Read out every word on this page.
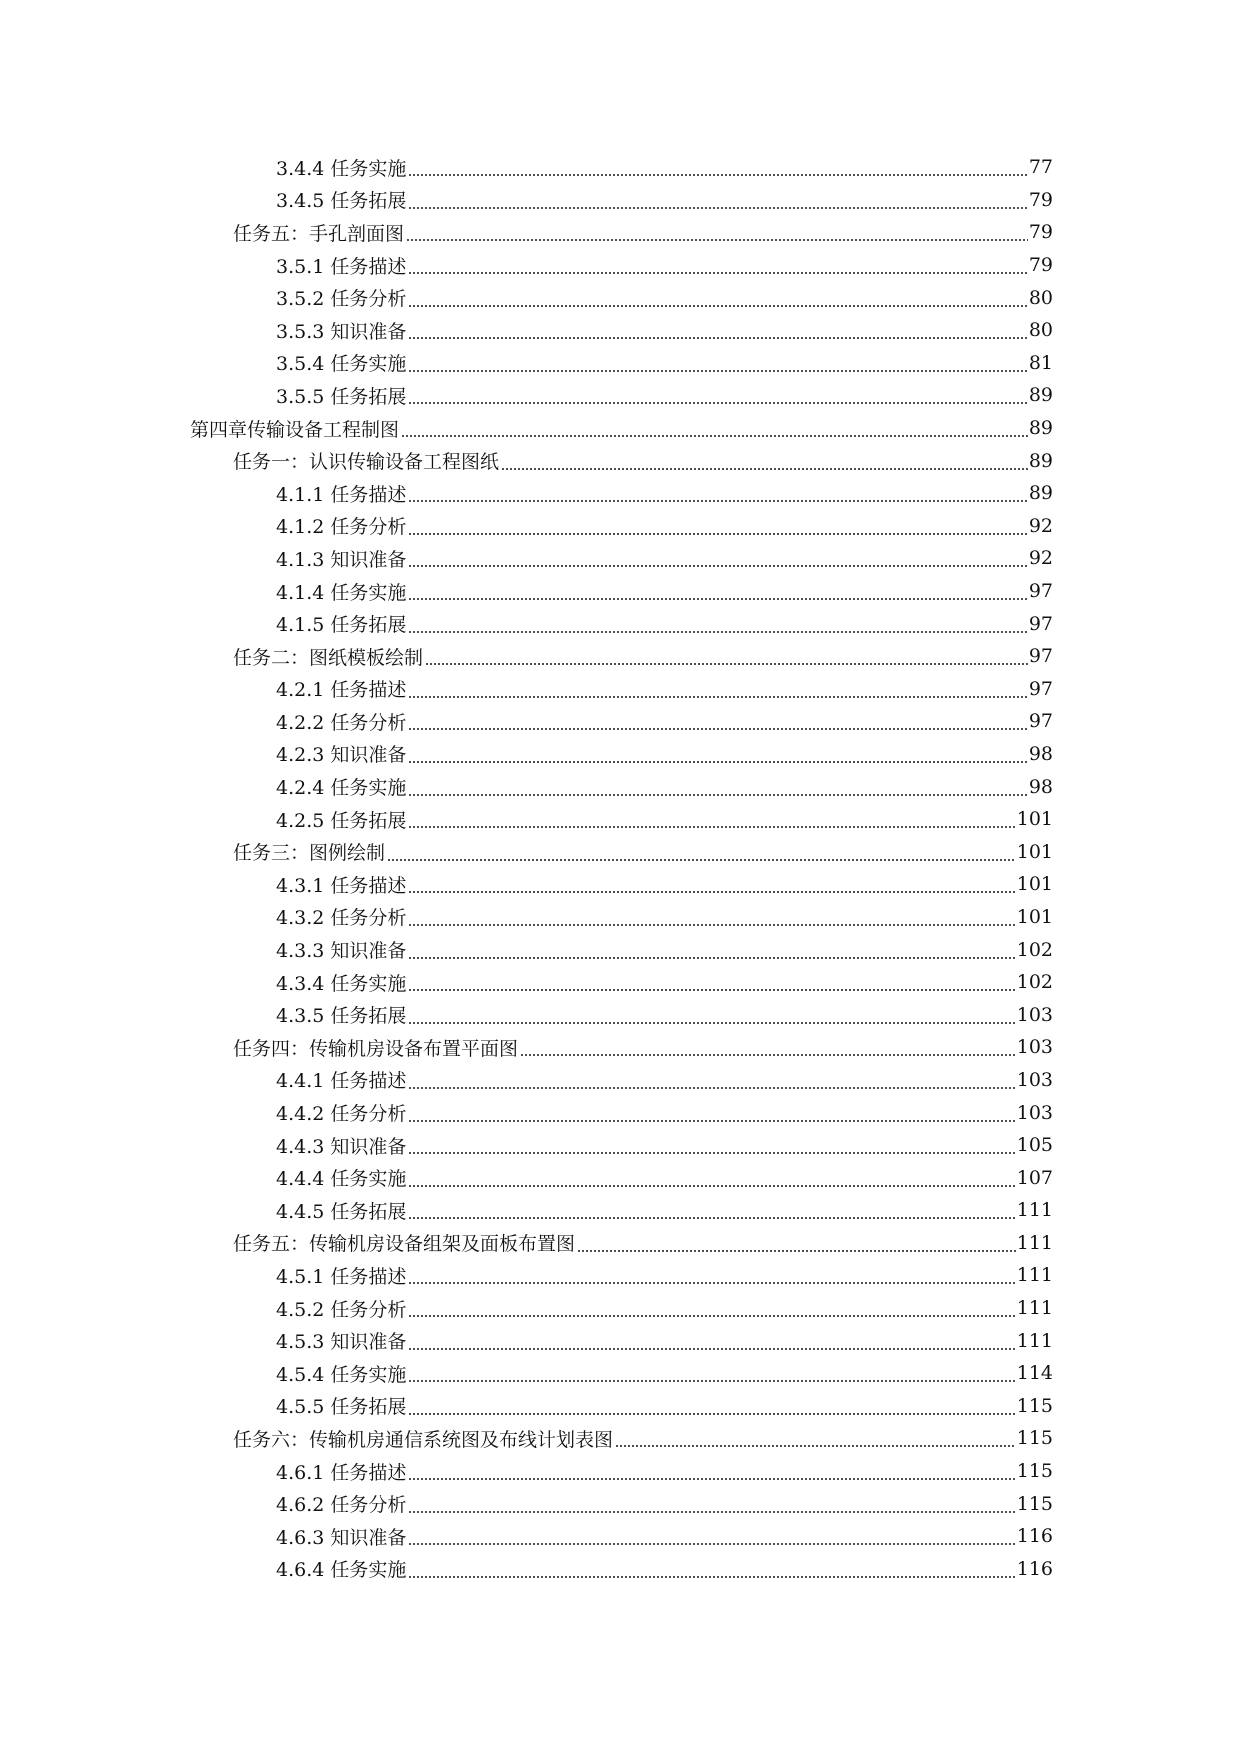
3.4.4 任务实施	77
3.4.5 任务拓展	79
任务五：手孔剖面图	79
3.5.1 任务描述	79
3.5.2 任务分析	80
3.5.3 知识准备	80
3.5.4 任务实施	81
3.5.5 任务拓展	89
第四章传输设备工程制图	89
任务一：认识传输设备工程图纸	89
4.1.1 任务描述	89
4.1.2 任务分析	92
4.1.3 知识准备	92
4.1.4 任务实施	97
4.1.5 任务拓展	97
任务二：图纸模板绘制	97
4.2.1 任务描述	97
4.2.2 任务分析	97
4.2.3 知识准备	98
4.2.4 任务实施	98
4.2.5 任务拓展	101
任务三：图例绘制	101
4.3.1 任务描述	101
4.3.2 任务分析	101
4.3.3 知识准备	102
4.3.4 任务实施	102
4.3.5 任务拓展	103
任务四：传输机房设备布置平面图	103
4.4.1 任务描述	103
4.4.2 任务分析	103
4.4.3 知识准备	105
4.4.4 任务实施	107
4.4.5 任务拓展	111
任务五：传输机房设备组架及面板布置图	111
4.5.1 任务描述	111
4.5.2 任务分析	111
4.5.3 知识准备	111
4.5.4 任务实施	114
4.5.5 任务拓展	115
任务六：传输机房通信系统图及布线计划表图	115
4.6.1 任务描述	115
4.6.2 任务分析	115
4.6.3 知识准备	116
4.6.4 任务实施	116
